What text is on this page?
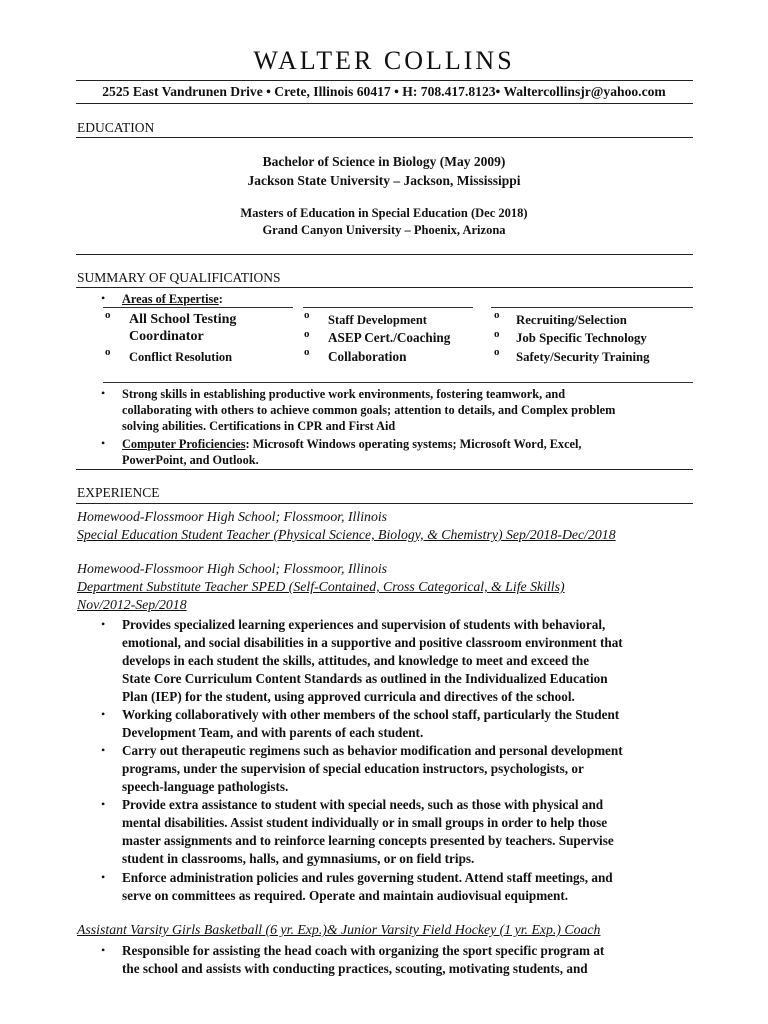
WALTER COLLINS
2525 East Vandrunen Drive • Crete, Illinois 60417 • H: 708.417.8123• Waltercollinsjr@yahoo.com
EDUCATION
Bachelor of Science in Biology (May 2009)
Jackson State University – Jackson, Mississippi
Masters of Education in Special Education (Dec 2018)
Grand Canyon University – Phoenix, Arizona
SUMMARY OF QUALIFICATIONS
• Areas of Expertise:
o All School Testing
Coordinator
o Conflict Resolution
o Staff Development
o ASEP Cert./Coaching
o Collaboration
o Recruiting/Selection
o Job Specific Technology
o Safety/Security Training
• Strong skills in establishing productive work environments, fostering teamwork, and
collaborating with others to achieve common goals; attention to details, and Complex problem
solving abilities. Certifications in CPR and First Aid
• Computer Proficiencies: Microsoft Windows operating systems; Microsoft Word, Excel,
PowerPoint, and Outlook.
EXPERIENCE
Homewood-Flossmoor High School; Flossmoor, Illinois
Special Education Student Teacher (Physical Science, Biology, & Chemistry) Sep/2018-Dec/2018
Homewood-Flossmoor High School; Flossmoor, Illinois
Department Substitute Teacher SPED (Self-Contained, Cross Categorical, & Life Skills)
Nov/2012-Sep/2018
• Provides specialized learning experiences and supervision of students with behavioral,
emotional, and social disabilities in a supportive and positive classroom environment that
develops in each student the skills, attitudes, and knowledge to meet and exceed the
State Core Curriculum Content Standards as outlined in the Individualized Education
Plan (IEP) for the student, using approved curricula and directives of the school.
• Working collaboratively with other members of the school staff, particularly the Student
Development Team, and with parents of each student.
• Carry out therapeutic regimens such as behavior modification and personal development
programs, under the supervision of special education instructors, psychologists, or
speech-language pathologists.
• Provide extra assistance to student with special needs, such as those with physical and
mental disabilities. Assist student individually or in small groups in order to help those
master assignments and to reinforce learning concepts presented by teachers. Supervise
student in classrooms, halls, and gymnasiums, or on field trips.
• Enforce administration policies and rules governing student. Attend staff meetings, and
serve on committees as required. Operate and maintain audiovisual equipment.
Assistant Varsity Girls Basketball (6 yr. Exp.)& Junior Varsity Field Hockey (1 yr. Exp.) Coach
• Responsible for assisting the head coach with organizing the sport specific program at
the school and assists with conducting practices, scouting, motivating students, and
